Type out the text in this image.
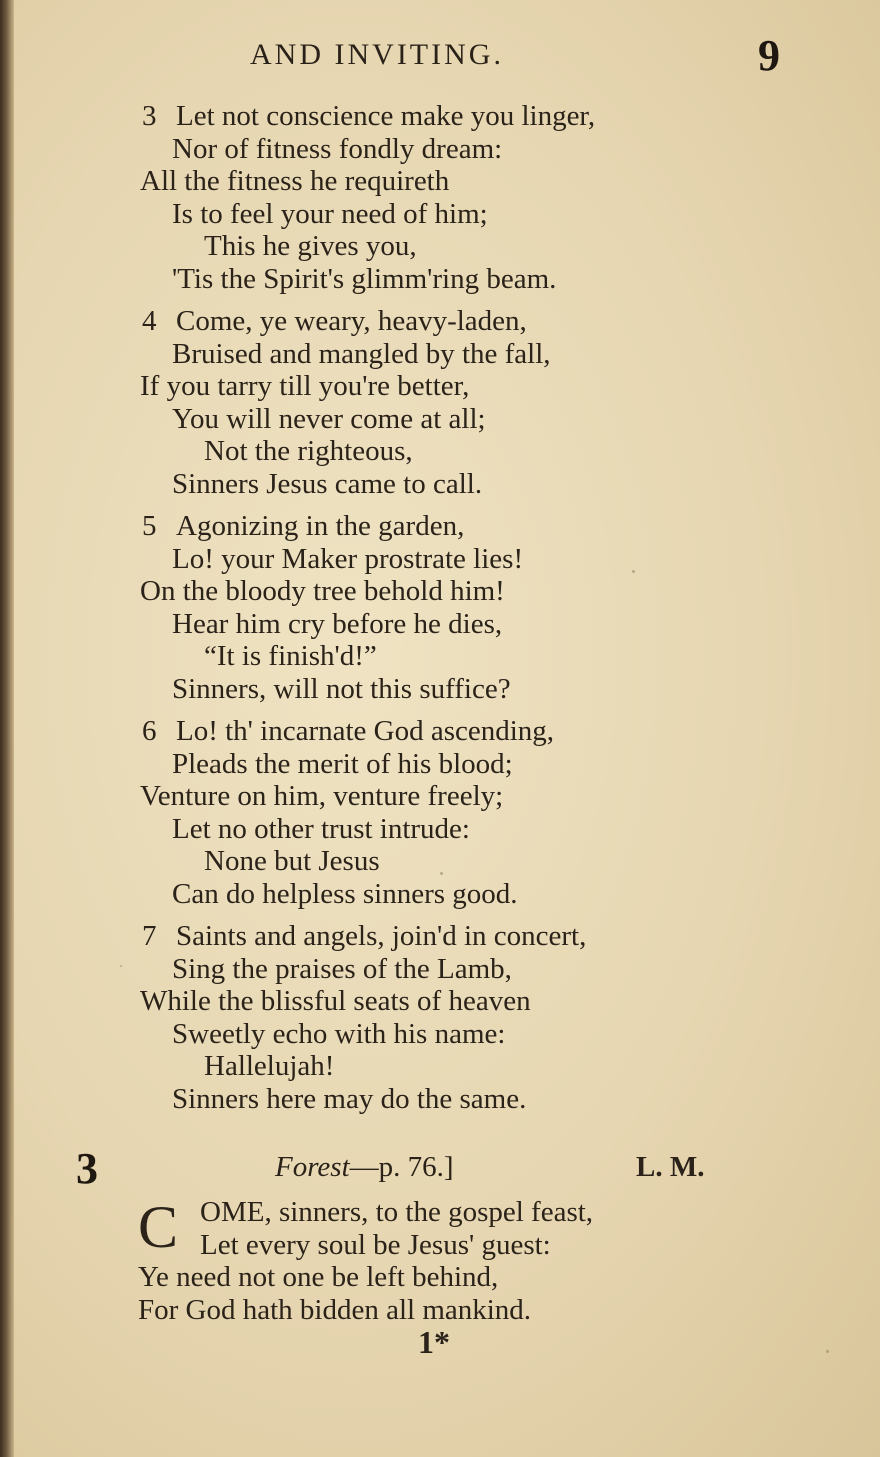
AND INVITING.	9
3 Let not conscience make you linger,
Nor of fitness fondly dream:
All the fitness he requireth
Is to feel your need of him;
This he gives you,
'Tis the Spirit's glimm'ring beam.
4 Come, ye weary, heavy-laden,
Bruised and mangled by the fall,
If you tarry till you're better,
You will never come at all;
Not the righteous,
Sinners Jesus came to call.
5 Agonizing in the garden,
Lo! your Maker prostrate lies!
On the bloody tree behold him!
Hear him cry before he dies,
“It is finish'd!”
Sinners, will not this suffice?
6 Lo! th' incarnate God ascending,
Pleads the merit of his blood;
Venture on him, venture freely;
Let no other trust intrude:
None but Jesus
Can do helpless sinners good.
7 Saints and angels, join'd in concert,
Sing the praises of the Lamb,
While the blissful seats of heaven
Sweetly echo with his name:
Hallelujah!
Sinners here may do the same.
3	Forest—p. 76.]	L. M.
C OME, sinners, to the gospel feast,
Let every soul be Jesus' guest:
Ye need not one be left behind,
For God hath bidden all mankind.
1*
